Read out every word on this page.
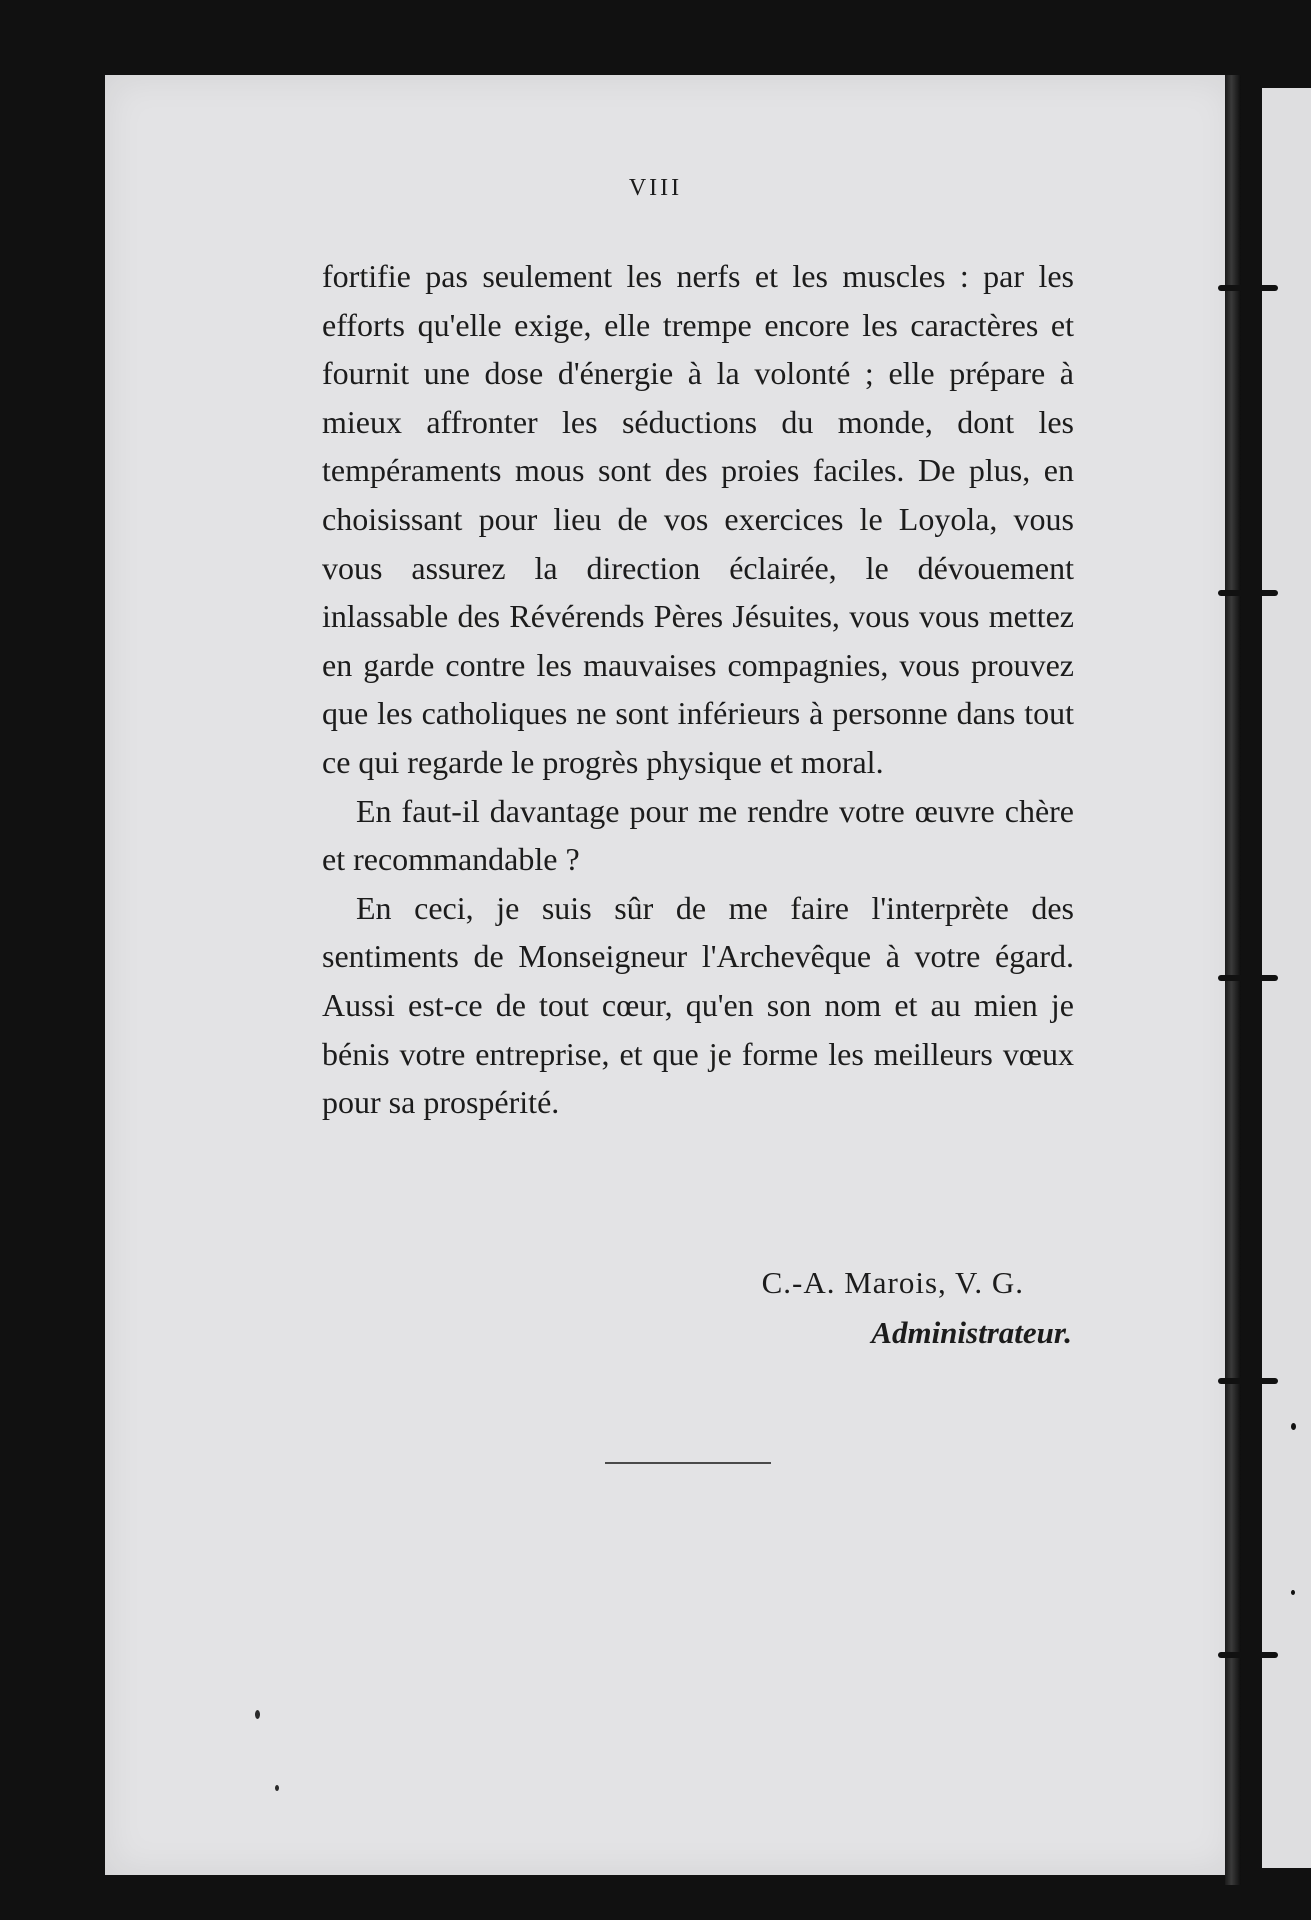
VIII

fortifie pas seulement les nerfs et les muscles : par les efforts qu'elle exige, elle trempe encore les caractères et fournit une dose d'énergie à la volonté ; elle prépare à mieux affronter les séductions du monde, dont les tempéraments mous sont des proies faciles. De plus, en choisissant pour lieu de vos exercices le Loyola, vous vous assurez la direction éclairée, le dévouement inlassable des Révérends Pères Jésuites, vous vous mettez en garde contre les mauvaises compagnies, vous prouvez que les catholiques ne sont inférieurs à personne dans tout ce qui regarde le progrès physique et moral.

En faut-il davantage pour me rendre votre œuvre chère et recommandable ?

En ceci, je suis sûr de me faire l'interprète des sentiments de Monseigneur l'Archevêque à votre égard. Aussi est-ce de tout cœur, qu'en son nom et au mien je bénis votre entreprise, et que je forme les meilleurs vœux pour sa prospérité.

C.-A. Marois, V. G.
Administrateur.
